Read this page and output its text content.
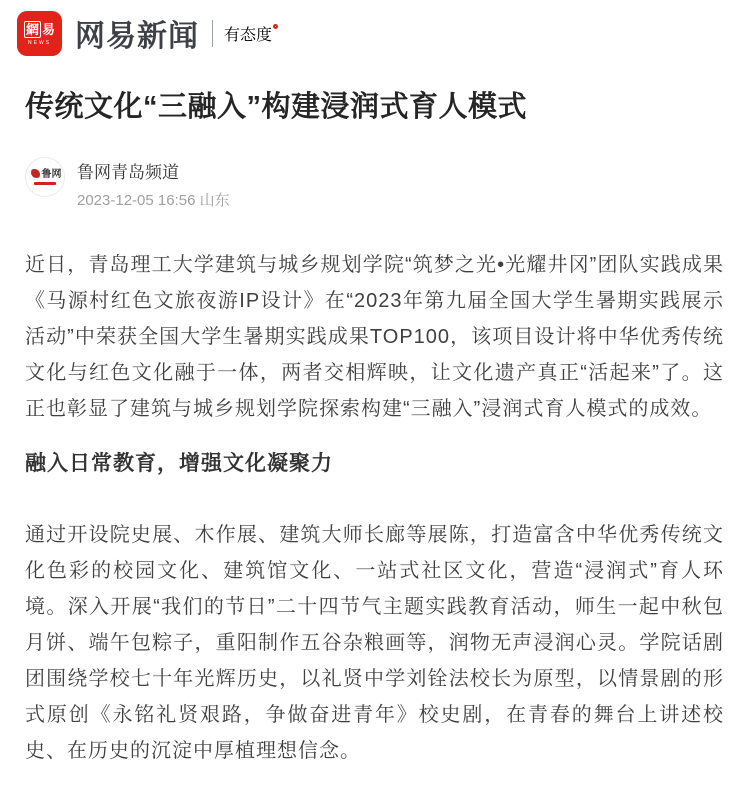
網 易
NEWS 网易新闻 有态度
传统文化“三融入”构建浸润式育人模式
鲁网 鲁网青岛频道
2023-12-05 16:56 山东

近日，青岛理工大学建筑与城乡规划学院“筑梦之光•光耀井冈”团队实践成果《马源村红色文旅夜游IP设计》在“2023年第九届全国大学生暑期实践展示活动”中荣获全国大学生暑期实践成果TOP100，该项目设计将中华优秀传统文化与红色文化融于一体，两者交相辉映，让文化遗产真正“活起来”了。这正也彰显了建筑与城乡规划学院探索构建“三融入”浸润式育人模式的成效。

融入日常教育，增强文化凝聚力

通过开设院史展、木作展、建筑大师长廊等展陈，打造富含中华优秀传统文化色彩的校园文化、建筑馆文化、一站式社区文化，营造“浸润式”育人环境。深入开展“我们的节日”二十四节气主题实践教育活动，师生一起中秋包月饼、端午包粽子，重阳制作五谷杂粮画等，润物无声浸润心灵。学院话剧团围绕学校七十年光辉历史，以礼贤中学刘铨法校长为原型，以情景剧的形式原创《永铭礼贤艰路，争做奋进青年》校史剧，在青春的舞台上讲述校史、在历史的沉淀中厚植理想信念。
